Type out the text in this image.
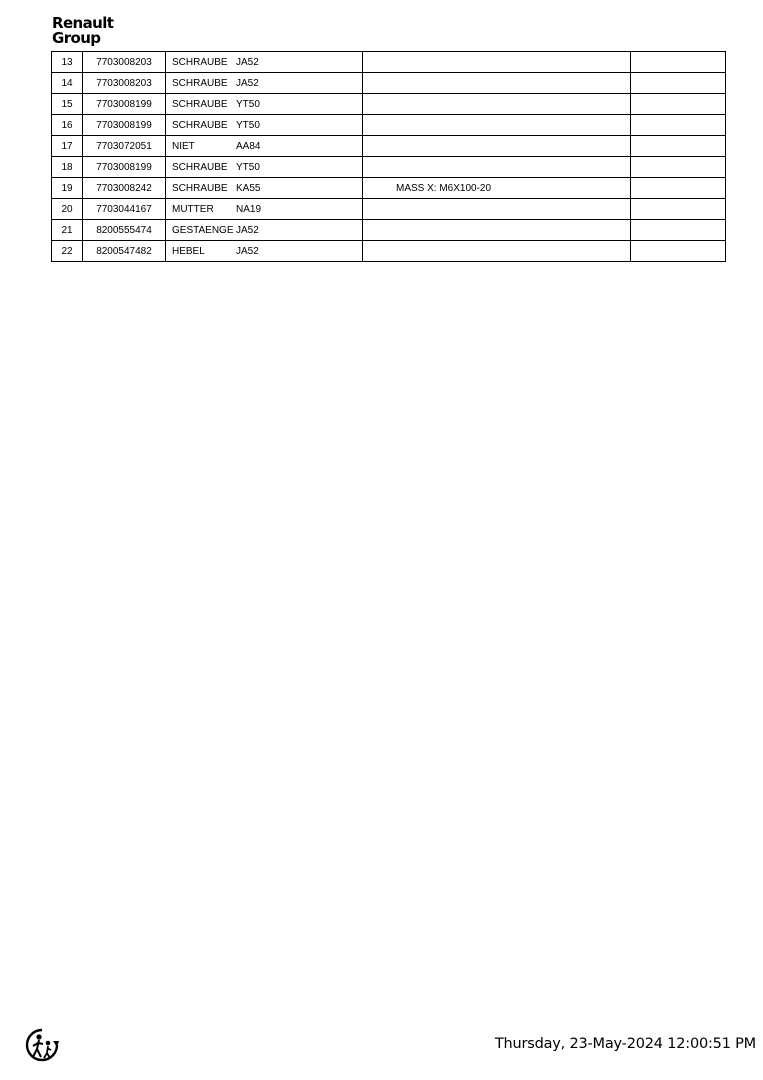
Renault
Group
13	7703008203	SCHRAUBE JA52		
14	7703008203	SCHRAUBE JA52		
15	7703008199	SCHRAUBE YT50		
16	7703008199	SCHRAUBE YT50		
17	7703072051	NIET AA84		
18	7703008199	SCHRAUBE YT50		
19	7703008242	SCHRAUBE KA55	MASS X: M6X100-20	
20	7703044167	MUTTER NA19		
21	8200555474	GESTAENGE JA52		
22	8200547482	HEBEL JA52		
Thursday, 23-May-2024 12:00:51 PM
